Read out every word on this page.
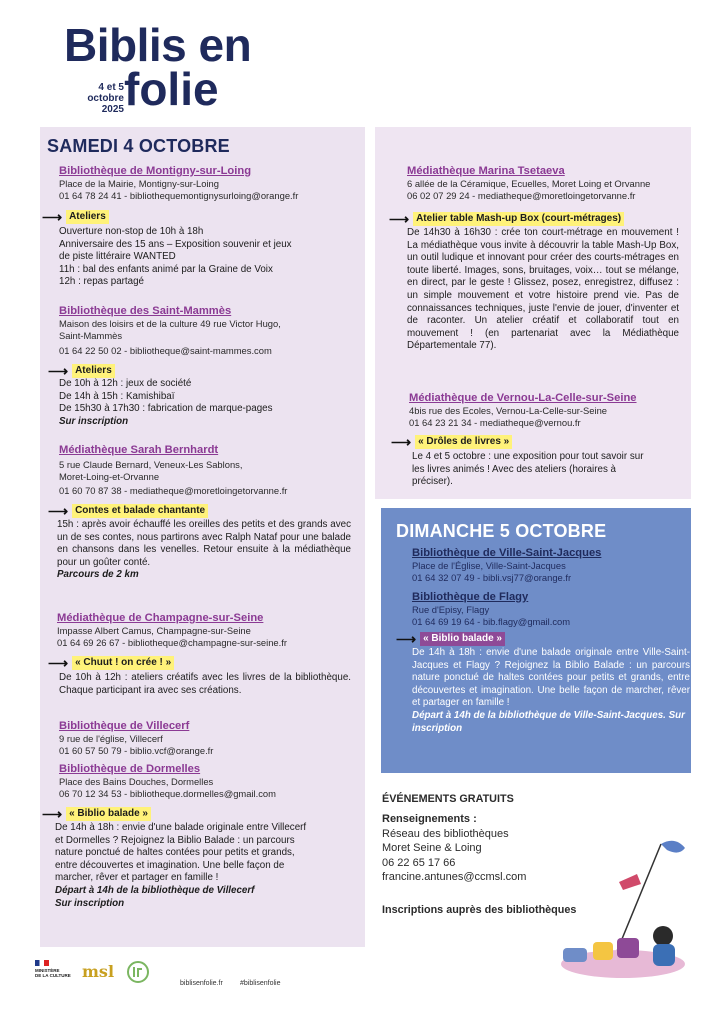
Biblis en
4 et 5
octobre 2025 folie
SAMEDI 4 OCTOBRE
Bibliothèque de Montigny-sur-Loing
Place de la Mairie, Montigny-sur-Loing
01 64 78 24 41 - bibliothequemontignysurloing@orange.fr
⟶ Ateliers
Ouverture non-stop de 10h à 18h
Anniversaire des 15 ans – Exposition souvenir et jeux
de piste littéraire WANTED
11h : bal des enfants animé par la Graine de Voix
12h : repas partagé
Bibliothèque des Saint-Mammès
Maison des loisirs et de la culture 49 rue Victor Hugo,
Saint-Mammès
01 64 22 50 02 - bibliotheque@saint-mammes.com
⟶ Ateliers
De 10h à 12h : jeux de société
De 14h à 15h : Kamishibaï
De 15h30 à 17h30 : fabrication de marque-pages
Sur inscription
Médiathèque Sarah Bernhardt
5 rue Claude Bernard, Veneux-Les Sablons,
Moret-Loing-et-Orvanne
01 60 70 87 38 - mediatheque@moretloingetorvanne.fr
⟶ Contes et balade chantante
15h : après avoir échauffé les oreilles des petits et des grands avec un de ses contes, nous partirons avec Ralph Nataf pour une balade en chansons dans les venelles. Retour ensuite à la médiathèque pour un goûter conté.
Parcours de 2 km
Médiathèque de Champagne-sur-Seine
Impasse Albert Camus, Champagne-sur-Seine
01 64 69 26 67 - bibliotheque@champagne-sur-seine.fr
⟶ « Chuut ! on crée ! »
De 10h à 12h : ateliers créatifs avec les livres de la bibliothèque. Chaque participant ira avec ses créations.
Bibliothèque de Villecerf
9 rue de l'église, Villecerf
01 60 57 50 79 - biblio.vcf@orange.fr
Bibliothèque de Dormelles
Place des Bains Douches, Dormelles
06 70 12 34 53 - bibliotheque.dormelles@gmail.com
⟶ « Biblio balade »
De 14h à 18h : envie d'une balade originale entre Villecerf et Dormelles ? Rejoignez la Biblio Balade : un parcours nature ponctué de haltes contées pour petits et grands, entre découvertes et imagination. Une belle façon de marcher, rêver et partager en famille !
Départ à 14h de la bibliothèque de Villecerf
Sur inscription
Médiathèque Marina Tsetaeva
6 allée de la Céramique, Ecuelles, Moret Loing et Orvanne
06 02 07 29 24 - mediatheque@moretloingetorvanne.fr
⟶ Atelier table Mash-up Box (court-métrages)
De 14h30 à 16h30 : crée ton court-métrage en mouvement ! La médiathèque vous invite à découvrir la table Mash-Up Box, un outil ludique et innovant pour créer des courts-métrages en toute liberté. Images, sons, bruitages, voix… tout se mélange, en direct, par le geste ! Glissez, posez, enregistrez, diffusez : un simple mouvement et votre histoire prend vie. Pas de connaissances techniques, juste l'envie de jouer, d'inventer et de raconter. Un atelier créatif et collaboratif tout en mouvement ! (en partenariat avec la Médiathèque Départementale 77).
Médiathèque de Vernou-La-Celle-sur-Seine
4bis rue des Ecoles, Vernou-La-Celle-sur-Seine
01 64 23 21 34 - mediatheque@vernou.fr
⟶ « Drôles de livres »
Le 4 et 5 octobre : une exposition pour tout savoir sur les livres animés ! Avec des ateliers (horaires à préciser).
DIMANCHE 5 OCTOBRE
Bibliothèque de Ville-Saint-Jacques
Place de l'Église, Ville-Saint-Jacques
01 64 32 07 49 - bibli.vsj77@orange.fr
Bibliothèque de Flagy
Rue d'Episy, Flagy
01 64 69 19 64 - bib.flagy@gmail.com
⟶ « Biblio balade »
De 14h à 18h : envie d'une balade originale entre Ville-Saint-Jacques et Flagy ? Rejoignez la Biblio Balade : un parcours nature ponctué de haltes contées pour petits et grands, entre découvertes et imagination. Une belle façon de marcher, rêver et partager en famille !
Départ à 14h de la bibliothèque de Ville-Saint-Jacques. Sur inscription
ÉVÉNEMENTS GRATUITS
Renseignements :
Réseau des bibliothèques
Moret Seine & Loing
06 22 65 17 66
francine.antunes@ccmsl.com
Inscriptions auprès des bibliothèques
MINISTÈRE
DE LA CULTURE msl
biblisenfolie.fr #biblisenfolie
